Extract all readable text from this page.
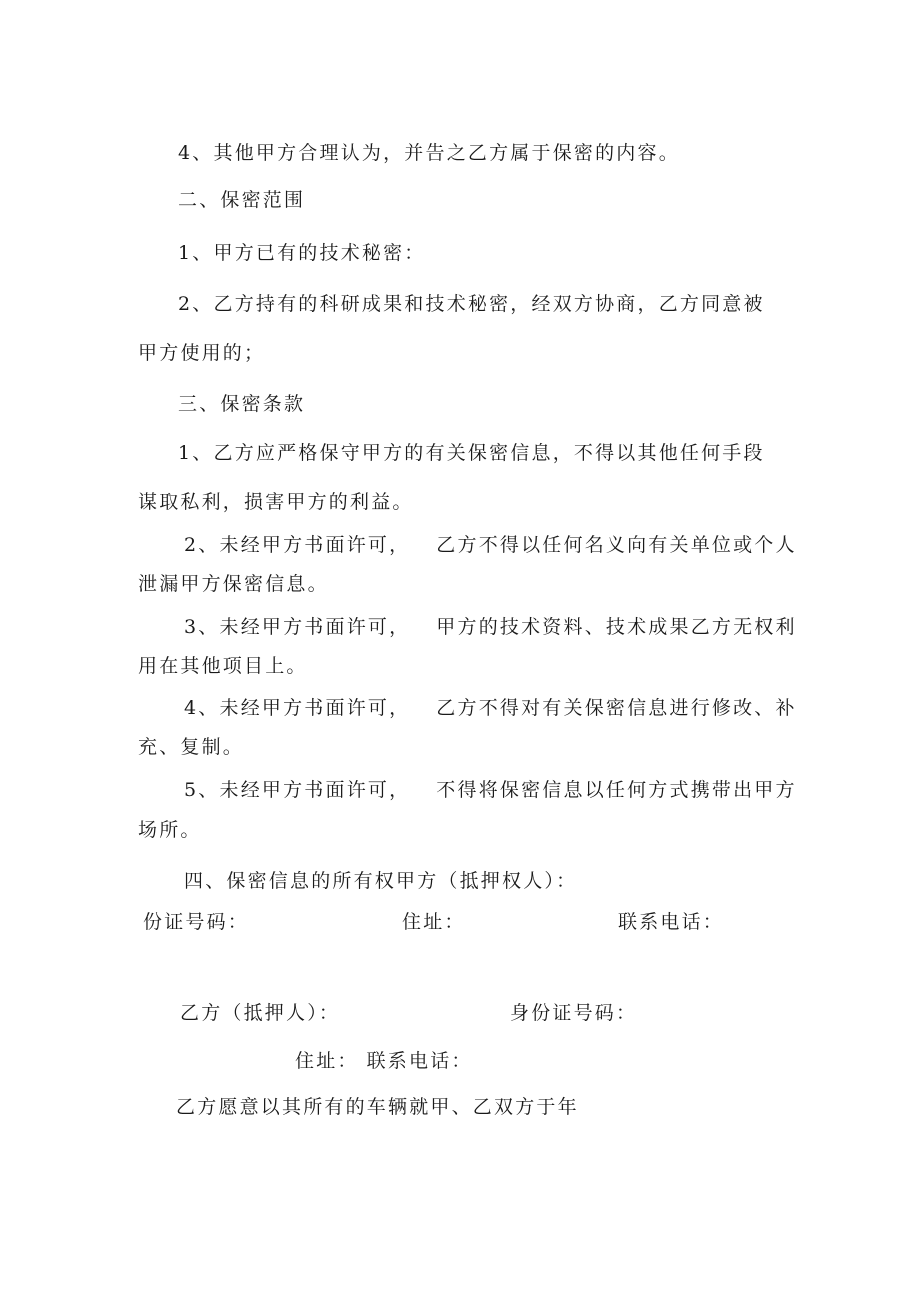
4、其他甲方合理认为，并告之乙方属于保密的内容。
二、保密范围
1、甲方已有的技术秘密：
2、乙方持有的科研成果和技术秘密，经双方协商，乙方同意被
甲方使用的；
三、保密条款
1、乙方应严格保守甲方的有关保密信息，不得以其他任何手段
谋取私利，损害甲方的利益。
2、未经甲方书面许可， 乙方不得以任何名义向有关单位或个人
泄漏甲方保密信息。
3、未经甲方书面许可， 甲方的技术资料、技术成果乙方无权利
用在其他项目上。
4、未经甲方书面许可， 乙方不得对有关保密信息进行修改、补
充、复制。
5、未经甲方书面许可， 不得将保密信息以任何方式携带出甲方
场所。
四、保密信息的所有权甲方（抵押权人）：
份证号码：	住址：	联系电话：
乙方（抵押人）：	身份证号码：
住址： 联系电话：
乙方愿意以其所有的车辆就甲、乙双方于年
